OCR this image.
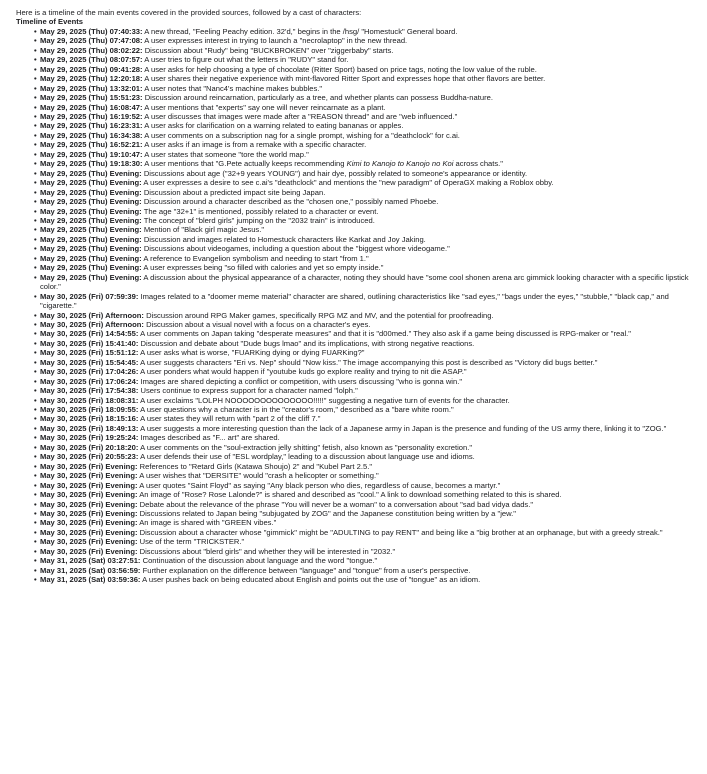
Here is a timeline of the main events covered in the provided sources, followed by a cast of characters:

Timeline of Events

• May 29, 2025 (Thu) 07:40:33: A new thread, "Feeling Peachy edition. 32'd," begins in the /hsg/ "Homestuck" General board.
• May 29, 2025 (Thu) 07:47:08: A user expresses interest in trying to launch a "necrolaptop" in the new thread.
• May 29, 2025 (Thu) 08:02:22: Discussion about "Rudy" being "BUCKBROKEN" over "ziggerbaby" starts.
• May 29, 2025 (Thu) 08:07:57: A user tries to figure out what the letters in "RUDY" stand for.
• May 29, 2025 (Thu) 09:41:28: A user asks for help choosing a type of chocolate (Ritter Sport) based on price tags, noting the low value of the ruble.
• May 29, 2025 (Thu) 12:20:18: A user shares their negative experience with mint-flavored Ritter Sport and expresses hope that other flavors are better.
• May 29, 2025 (Thu) 13:32:01: A user notes that "Nanc4's machine makes bubbles."
• May 29, 2025 (Thu) 15:51:23: Discussion around reincarnation, particularly as a tree, and whether plants can possess Buddha-nature.
• May 29, 2025 (Thu) 16:08:47: A user mentions that "experts" say one will never reincarnate as a plant.
• May 29, 2025 (Thu) 16:19:52: A user discusses that images were made after a "REASON thread" and are "web influenced."
• May 29, 2025 (Thu) 16:23:31: A user asks for clarification on a warning related to eating bananas or apples.
• May 29, 2025 (Thu) 16:34:38: A user comments on a subscription nag for a single prompt, wishing for a "deathclock" for c.ai.
• May 29, 2025 (Thu) 16:52:21: A user asks if an image is from a remake with a specific character.
• May 29, 2025 (Thu) 19:10:47: A user states that someone "tore the world map."
• May 29, 2025 (Thu) 19:18:30: A user mentions that "G.Pete actually keeps recommending Kimi to Kanojo to Kanojo no Koi across chats."
• May 29, 2025 (Thu) Evening: Discussions about age ("32+9 years YOUNG") and hair dye, possibly related to someone's appearance or identity.
• May 29, 2025 (Thu) Evening: A user expresses a desire to see c.ai's "deathclock" and mentions the "new paradigm" of OperaGX making a Roblox obby.
• May 29, 2025 (Thu) Evening: Discussion about a predicted impact site being Japan.
• May 29, 2025 (Thu) Evening: Discussion around a character described as the "chosen one," possibly named Phoebe.
• May 29, 2025 (Thu) Evening: The age "32+1" is mentioned, possibly related to a character or event.
• May 29, 2025 (Thu) Evening: The concept of "blerd girls" jumping on the "2032 train" is introduced.
• May 29, 2025 (Thu) Evening: Mention of "Black girl magic Jesus."
• May 29, 2025 (Thu) Evening: Discussion and images related to Homestuck characters like Karkat and Joy Jaking.
• May 29, 2025 (Thu) Evening: Discussions about videogames, including a question about the "biggest whore videogame."
• May 29, 2025 (Thu) Evening: A reference to Evangelion symbolism and needing to start "from 1."
• May 29, 2025 (Thu) Evening: A user expresses being "so filled with calories and yet so empty inside."
• May 29, 2025 (Thu) Evening: A discussion about the physical appearance of a character, noting they should have "some cool shonen arena arc gimmick looking character with a specific lipstick color."
• May 30, 2025 (Fri) 07:59:39: Images related to a "doomer meme material" character are shared, outlining characteristics like "sad eyes," "bags under the eyes," "stubble," "black cap," and "cigarette."
• May 30, 2025 (Fri) Afternoon: Discussion around RPG Maker games, specifically RPG MZ and MV, and the potential for proofreading.
• May 30, 2025 (Fri) Afternoon: Discussion about a visual novel with a focus on a character's eyes.
• May 30, 2025 (Fri) 14:54:55: A user comments on Japan taking "desperate measures" and that it is "d00med." They also ask if a game being discussed is RPG-maker or "real."
• May 30, 2025 (Fri) 15:41:40: Discussion and debate about "Dude bugs lmao" and its implications, with strong negative reactions.
• May 30, 2025 (Fri) 15:51:12: A user asks what is worse, "FUARKing dying or dying FUARKing?"
• May 30, 2025 (Fri) 15:54:45: A user suggests characters "Eri vs. Nep" should "Now kiss." The image accompanying this post is described as "Victory did bugs better."
• May 30, 2025 (Fri) 17:04:26: A user ponders what would happen if "youtube kuds go explore reality and trying to nit die ASAP."
• May 30, 2025 (Fri) 17:06:24: Images are shared depicting a conflict or competition, with users discussing "who is gonna win."
• May 30, 2025 (Fri) 17:54:38: Users continue to express support for a character named "lolph."
• May 30, 2025 (Fri) 18:08:31: A user exclaims "LOLPH NOOOOOOOOOOOOOO!!!!!" suggesting a negative turn of events for the character.
• May 30, 2025 (Fri) 18:09:55: A user questions why a character is in the "creator's room," described as a "bare white room."
• May 30, 2025 (Fri) 18:15:16: A user states they will return with "part 2 of the cliff 7."
• May 30, 2025 (Fri) 18:49:13: A user suggests a more interesting question than the lack of a Japanese army in Japan is the presence and funding of the US army there, linking it to "ZOG."
• May 30, 2025 (Fri) 19:25:24: Images described as "F... art" are shared.
• May 30, 2025 (Fri) 20:18:20: A user comments on the "soul-extraction jelly shitting" fetish, also known as "personality excretion."
• May 30, 2025 (Fri) 20:55:23: A user defends their use of "ESL wordplay," leading to a discussion about language use and idioms.
• May 30, 2025 (Fri) Evening: References to "Retard Girls (Katawa Shoujo) 2" and "Kubel Part 2.5."
• May 30, 2025 (Fri) Evening: A user wishes that "DERSITE" would "crash a helicopter or something."
• May 30, 2025 (Fri) Evening: A user quotes "Saint Floyd" as saying "Any black person who dies, regardless of cause, becomes a martyr."
• May 30, 2025 (Fri) Evening: An image of "Rose? Rose Lalonde?" is shared and described as "cool." A link to download something related to this is shared.
• May 30, 2025 (Fri) Evening: Debate about the relevance of the phrase "You will never be a woman" to a conversation about "sad bad vidya dads."
• May 30, 2025 (Fri) Evening: Discussions related to Japan being "subjugated by ZOG" and the Japanese constitution being written by a "jew."
• May 30, 2025 (Fri) Evening: An image is shared with "GREEN vibes."
• May 30, 2025 (Fri) Evening: Discussion about a character whose "gimmick" might be "ADULTING to pay RENT" and being like a "big brother at an orphanage, but with a greedy streak."
• May 30, 2025 (Fri) Evening: Use of the term "TRICKSTER."
• May 30, 2025 (Fri) Evening: Discussions about "blerd girls" and whether they will be interested in "2032."
• May 31, 2025 (Sat) 03:27:51: Continuation of the discussion about language and the word "tongue."
• May 31, 2025 (Sat) 03:56:59: Further explanation on the difference between "language" and "tongue" from a user's perspective.
• May 31, 2025 (Sat) 03:59:36: A user pushes back on being educated about English and points out the use of "tongue" as an idiom.
